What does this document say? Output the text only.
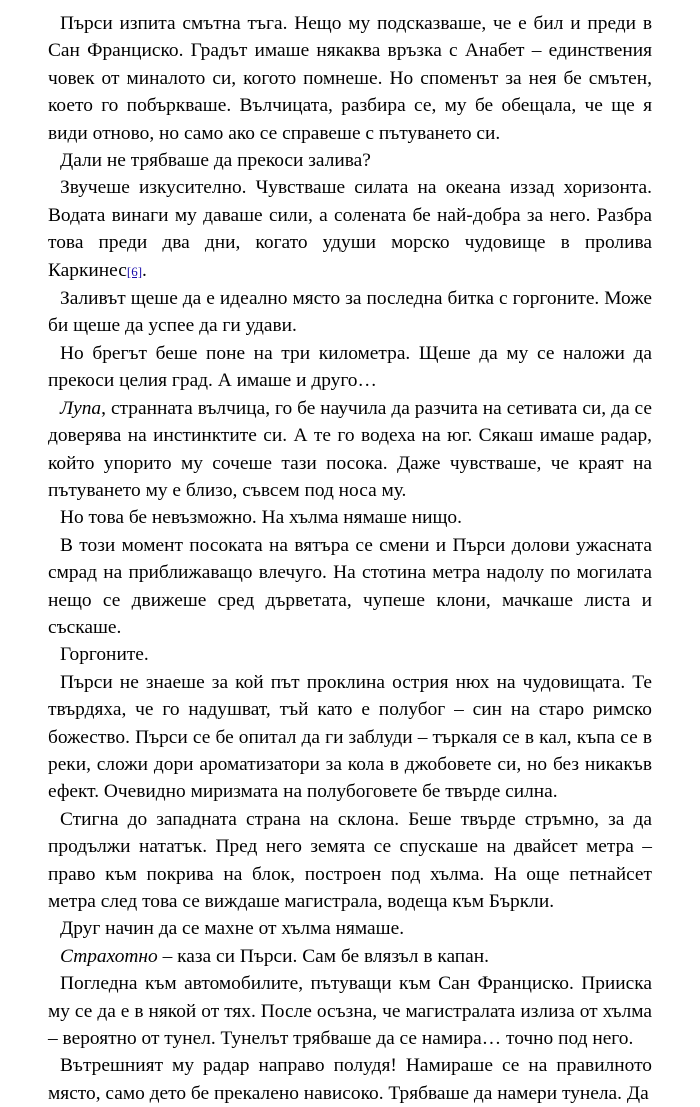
Пърси изпита смътна тъга. Нещо му подсказваше, че е бил и преди в Сан Франциско. Градът имаше някаква връзка с Анабет – единствения човек от миналото си, когото помнеше. Но споменът за нея бе смътен, което го побъркваше. Вълчицата, разбира се, му бе обещала, че ще я види отново, но само ако се справеше с пътуването си.

Дали не трябваше да прекоси залива?

Звучеше изкусително. Чувстваше силата на океана иззад хоризонта. Водата винаги му даваше сили, а солената бе най-добра за него. Разбра това преди два дни, когато удуши морско чудовище в пролива Каркинес[6].

Заливът щеше да е идеално място за последна битка с горгоните. Може би щеше да успее да ги удави.

Но брегът беше поне на три километра. Щеше да му се наложи да прекоси целия град. А имаше и друго…

Лупа, странната вълчица, го бе научила да разчита на сетивата си, да се доверява на инстинктите си. А те го водеха на юг. Сякаш имаше радар, който упорито му сочеше тази посока. Даже чувстваше, че краят на пътуването му е близо, съвсем под носа му.

Но това бе невъзможно. На хълма нямаше нищо.

В този момент посоката на вятъра се смени и Пърси долови ужасната смрад на приближаващо влечуго. На стотина метра надолу по могилата нещо се движеше сред дърветата, чупеше клони, мачкаше листа и съскаше.

Горгоните.

Пърси не знаеше за кой път проклина острия нюх на чудовищата. Те твърдяха, че го надушват, тъй като е полубог – син на старо римско божество. Пърси се бе опитал да ги заблуди – търкаля се в кал, къпа се в реки, сложи дори ароматизатори за кола в джобовете си, но без никакъв ефект. Очевидно миризмата на полубоговете бе твърде силна.

Стигна до западната страна на склона. Беше твърде стръмно, за да продължи нататък. Пред него земята се спускаше на двайсет метра – право към покрива на блок, построен под хълма. На още петнайсет метра след това се виждаше магистрала, водеща към Бъркли.

Друг начин да се махне от хълма нямаше.

Страхотно – каза си Пърси. Сам бе влязъл в капан.

Погледна към автомобилите, пътуващи към Сан Франциско. Прииска му се да е в някой от тях. После осъзна, че магистралата излиза от хълма – вероятно от тунел. Тунелът трябваше да се намира… точно под него.

Вътрешният му радар направо полудя! Намираше се на правилното място, само дето бе прекалено нависоко. Трябваше да намери тунела. Да
